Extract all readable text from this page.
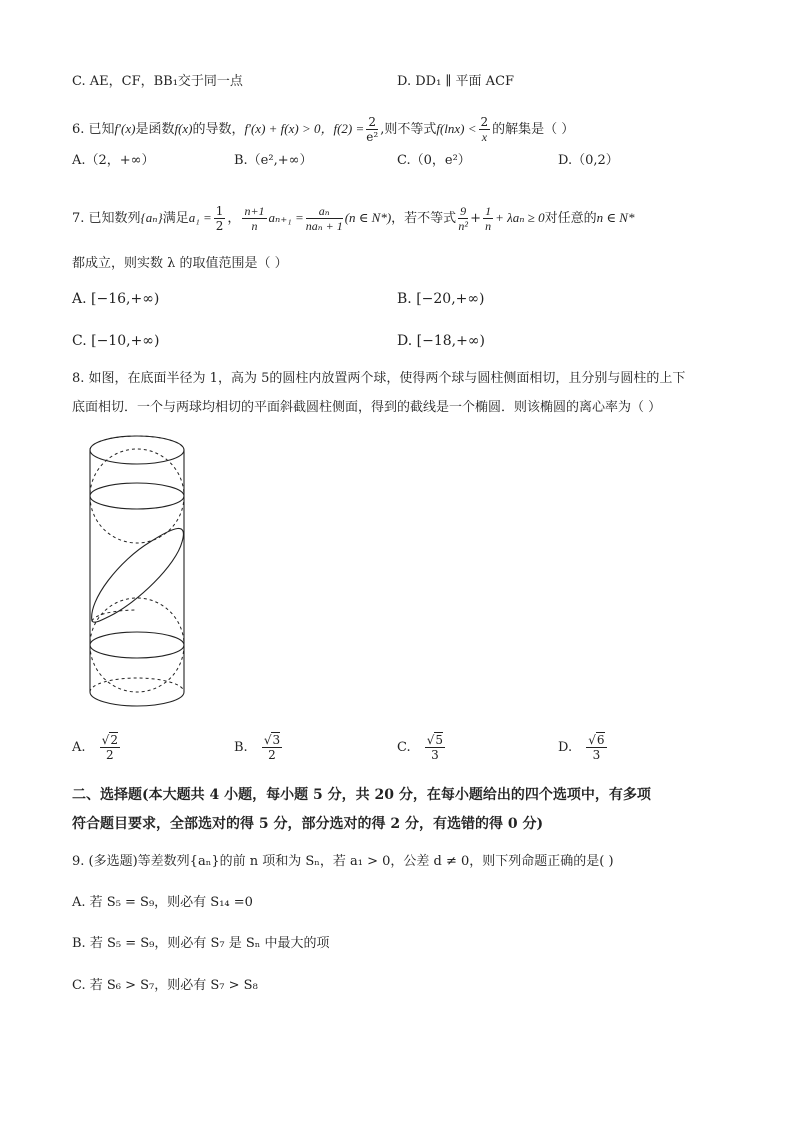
C. AE，CF，BB₁交于同一点	D. DD₁ ∥ 平面 ACF
6. 已知f′(x)是函数f(x)的导数，f′(x) + f(x) > 0，$f(2) = \frac{2}{\text{e²}}$ ,则不等式$f(\ln x) < \frac{2}{x}$ 的解集是（ ）
A.（2，+∞）	B.（e²,+∞）	C.（0，e²）	D.（0,2）
7. 已知数列{aₙ}满足$a_1 = \frac{1}{2}$ ， $\frac{n+1}{n} a_{n+1} = \frac{\text{aₙ}}{\text{naₙ + 1}} (n$ ∈ N*)，若不等式 $\frac{9}{\text{n²}} + \frac{1}{n} + \lambda a_n \ge 0$对任意的n ∈ N*
都成立，则实数 λ 的取值范围是（ ）
A. [−16,+∞)	B. [−20,+∞)
C. [−10,+∞)	D. [−18,+∞)
8. 如图，在底面半径为 1，高为 5的圆柱内放置两个球，使得两个球与圆柱侧面相切，且分别与圆柱的上下
底面相切．一个与两球均相切的平面斜截圆柱侧面，得到的截线是一个椭圆．则该椭圆的离心率为（ ）
A. $\frac{√2}{2}$	B. $\frac{√3}{2}$	C. $\frac{√5}{3}$	D. $\frac{√6}{3}$
二、选择题(本大题共 4 小题，每小题 5 分，共 20 分，在每小题给出的四个选项中，有多项
符合题目要求，全部选对的得 5 分，部分选对的得 2 分，有选错的得 0 分)
9. (多选题)等差数列{aₙ}的前 n 项和为 Sₙ，若 a₁ > 0，公差 d ≠ 0，则下列命题正确的是( )
A. 若 S₅ = S₉，则必有 S₁₄ =0
B. 若 S₅ = S₉，则必有 S₇ 是 Sₙ 中最大的项
C. 若 S₆ > S₇，则必有 S₇ > S₈
